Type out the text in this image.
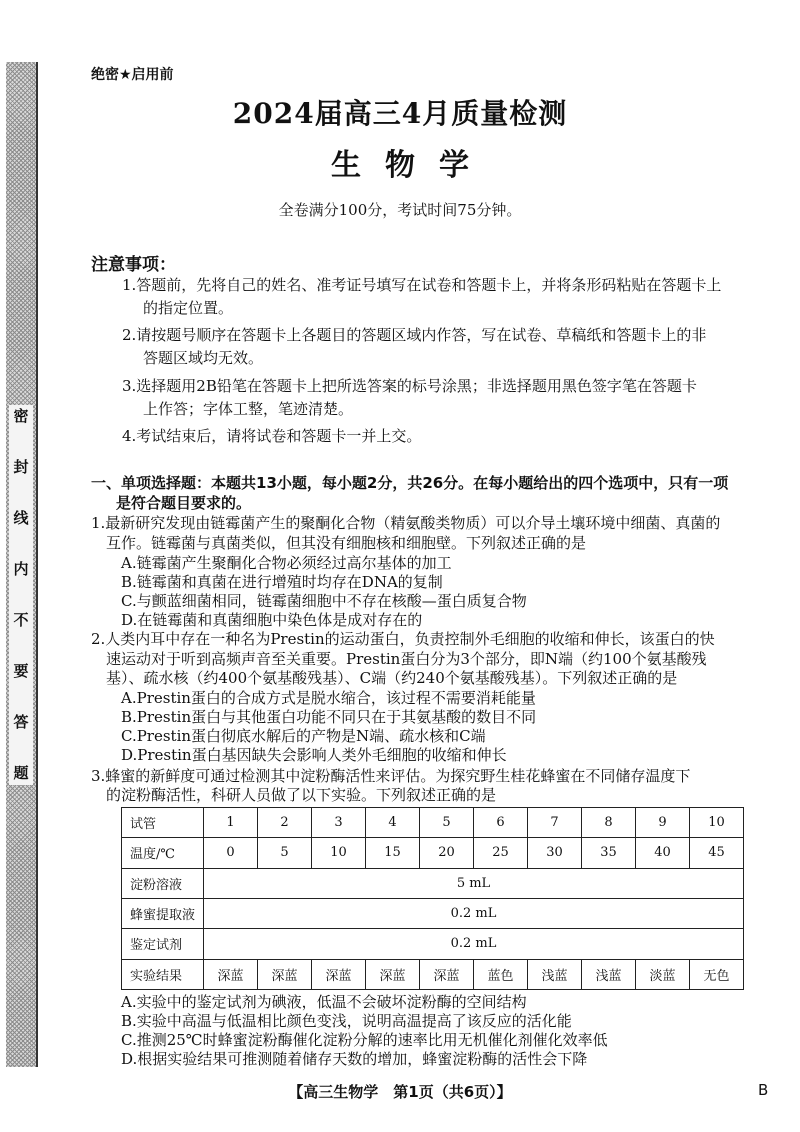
密
封
线
内
不
要
答
题
绝密★启用前
2024届高三4月质量检测
生物学
全卷满分100分，考试时间75分钟。
注意事项：
1.答题前，先将自己的姓名、准考证号填写在试卷和答题卡上，并将条形码粘贴在答题卡上
的指定位置。
2.请按题号顺序在答题卡上各题目的答题区域内作答，写在试卷、草稿纸和答题卡上的非
答题区域均无效。
3.选择题用2B铅笔在答题卡上把所选答案的标号涂黑；非选择题用黑色签字笔在答题卡
上作答；字体工整，笔迹清楚。
4.考试结束后，请将试卷和答题卡一并上交。
一、单项选择题：本题共13小题，每小题2分，共26分。在每小题给出的四个选项中，只有一项
是符合题目要求的。
1.最新研究发现由链霉菌产生的聚酮化合物（精氨酸类物质）可以介导土壤环境中细菌、真菌的
互作。链霉菌与真菌类似，但其没有细胞核和细胞壁。下列叙述正确的是
A.链霉菌产生聚酮化合物必须经过高尔基体的加工
B.链霉菌和真菌在进行增殖时均存在DNA的复制
C.与颤蓝细菌相同，链霉菌细胞中不存在核酸—蛋白质复合物
D.在链霉菌和真菌细胞中染色体是成对存在的
2.人类内耳中存在一种名为Prestin的运动蛋白，负责控制外毛细胞的收缩和伸长，该蛋白的快
速运动对于听到高频声音至关重要。Prestin蛋白分为3个部分，即N端（约100个氨基酸残
基）、疏水核（约400个氨基酸残基）、C端（约240个氨基酸残基）。下列叙述正确的是
A.Prestin蛋白的合成方式是脱水缩合，该过程不需要消耗能量
B.Prestin蛋白与其他蛋白功能不同只在于其氨基酸的数目不同
C.Prestin蛋白彻底水解后的产物是N端、疏水核和C端
D.Prestin蛋白基因缺失会影响人类外毛细胞的收缩和伸长
3.蜂蜜的新鲜度可通过检测其中淀粉酶活性来评估。为探究野生桂花蜂蜜在不同储存温度下
的淀粉酶活性，科研人员做了以下实验。下列叙述正确的是
试管	1	2	3	4	5	6	7	8	9	10
温度/℃	0	5	10	15	20	25	30	35	40	45
淀粉溶液	5 mL									
蜂蜜提取液	0.2 mL									
鉴定试剂	0.2 mL									
实验结果	深蓝	深蓝	深蓝	深蓝	深蓝	蓝色	浅蓝	浅蓝	淡蓝	无色
A.实验中的鉴定试剂为碘液，低温不会破坏淀粉酶的空间结构
B.实验中高温与低温相比颜色变浅，说明高温提高了该反应的活化能
C.推测25℃时蜂蜜淀粉酶催化淀粉分解的速率比用无机催化剂催化效率低
D.根据实验结果可推测随着储存天数的增加，蜂蜜淀粉酶的活性会下降
【高三生物学　第1页（共6页）】	B
